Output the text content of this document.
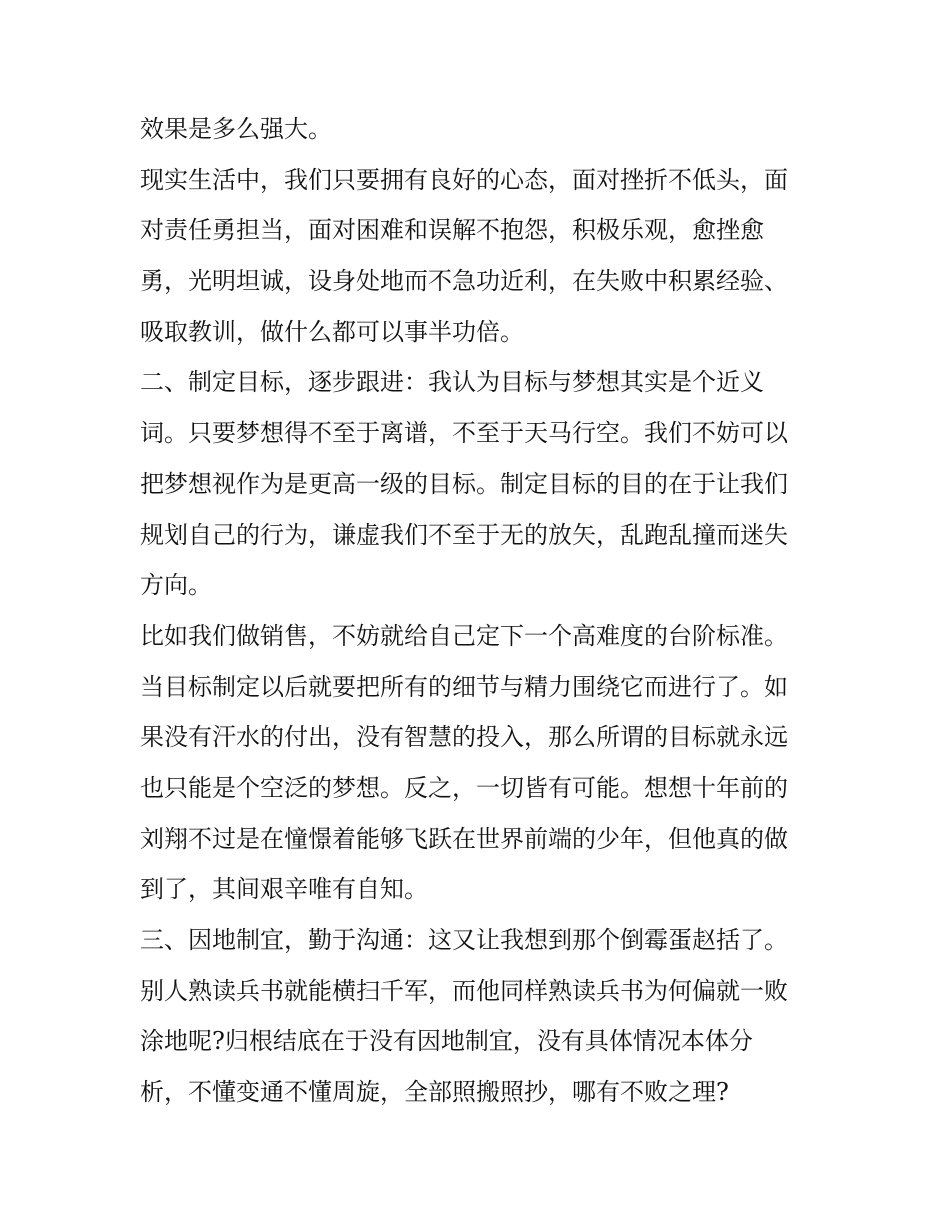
效果是多么强大。
现实生活中，我们只要拥有良好的心态，面对挫折不低头，面
对责任勇担当，面对困难和误解不抱怨，积极乐观，愈挫愈
勇，光明坦诚，设身处地而不急功近利，在失败中积累经验、
吸取教训，做什么都可以事半功倍。
二、制定目标，逐步跟进：我认为目标与梦想其实是个近义
词。只要梦想得不至于离谱，不至于天马行空。我们不妨可以
把梦想视作为是更高一级的目标。制定目标的目的在于让我们
规划自己的行为，谦虚我们不至于无的放矢，乱跑乱撞而迷失
方向。
比如我们做销售，不妨就给自己定下一个高难度的台阶标准。
当目标制定以后就要把所有的细节与精力围绕它而进行了。如
果没有汗水的付出，没有智慧的投入，那么所谓的目标就永远
也只能是个空泛的梦想。反之，一切皆有可能。想想十年前的
刘翔不过是在憧憬着能够飞跃在世界前端的少年，但他真的做
到了，其间艰辛唯有自知。
三、因地制宜，勤于沟通：这又让我想到那个倒霉蛋赵括了。
别人熟读兵书就能横扫千军，而他同样熟读兵书为何偏就一败
涂地呢?归根结底在于没有因地制宜，没有具体情况本体分
析，不懂变通不懂周旋，全部照搬照抄，哪有不败之理?
